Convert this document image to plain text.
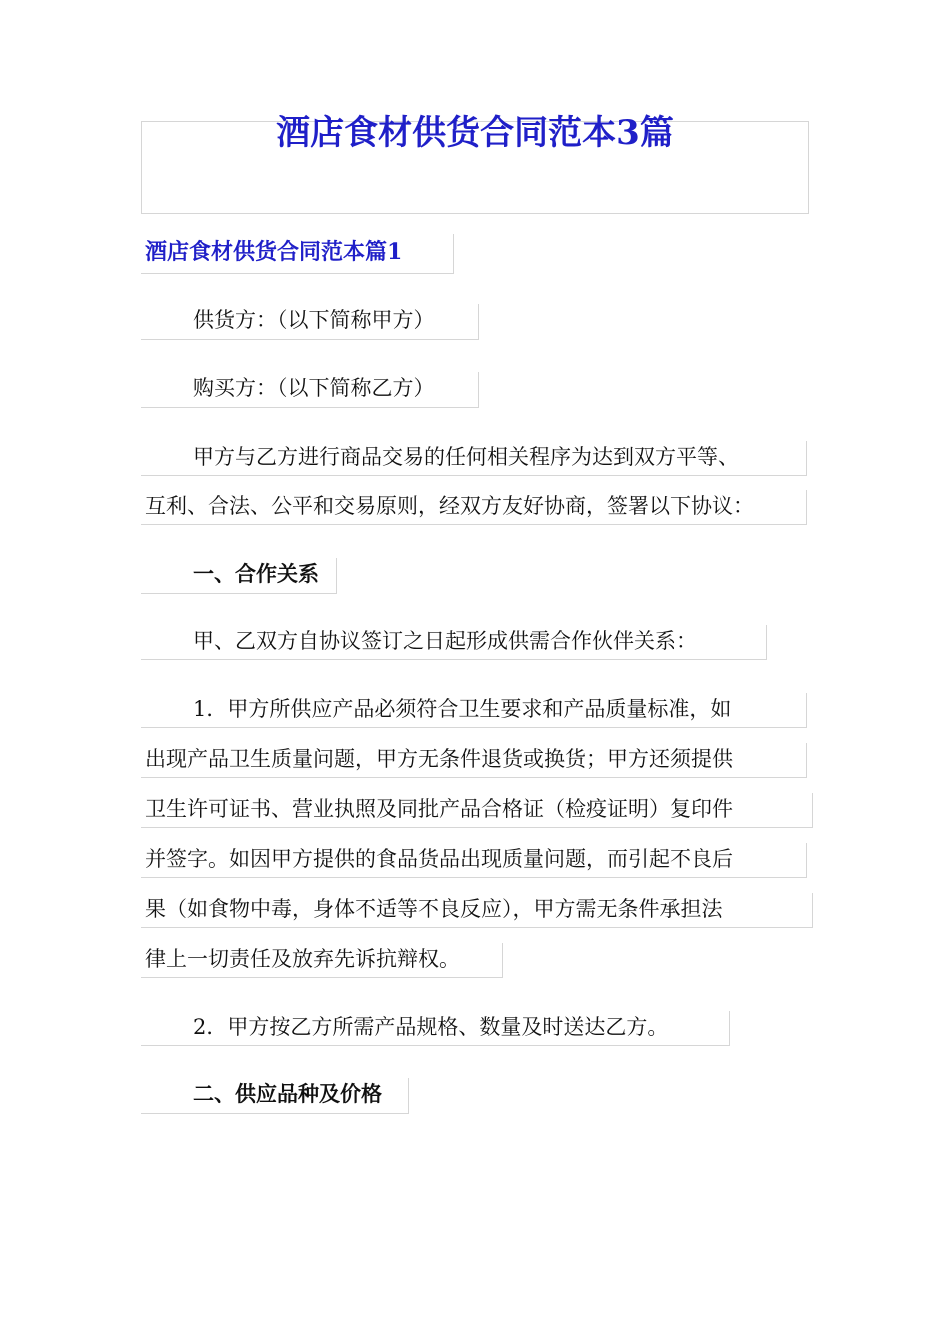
酒店食材供货合同范本3篇
酒店食材供货合同范本篇1
供货方：（以下简称甲方）
购买方：（以下简称乙方）
甲方与乙方进行商品交易的任何相关程序为达到双方平等、
互利、合法、公平和交易原则，经双方友好协商，签署以下协议：
一、合作关系
甲、乙双方自协议签订之日起形成供需合作伙伴关系：
1．甲方所供应产品必须符合卫生要求和产品质量标准，如
出现产品卫生质量问题，甲方无条件退货或换货；甲方还须提供
卫生许可证书、营业执照及同批产品合格证（检疫证明）复印件
并签字。如因甲方提供的食品货品出现质量问题，而引起不良后
果（如食物中毒，身体不适等不良反应），甲方需无条件承担法
律上一切责任及放弃先诉抗辩权。
2．甲方按乙方所需产品规格、数量及时送达乙方。
二、供应品种及价格
